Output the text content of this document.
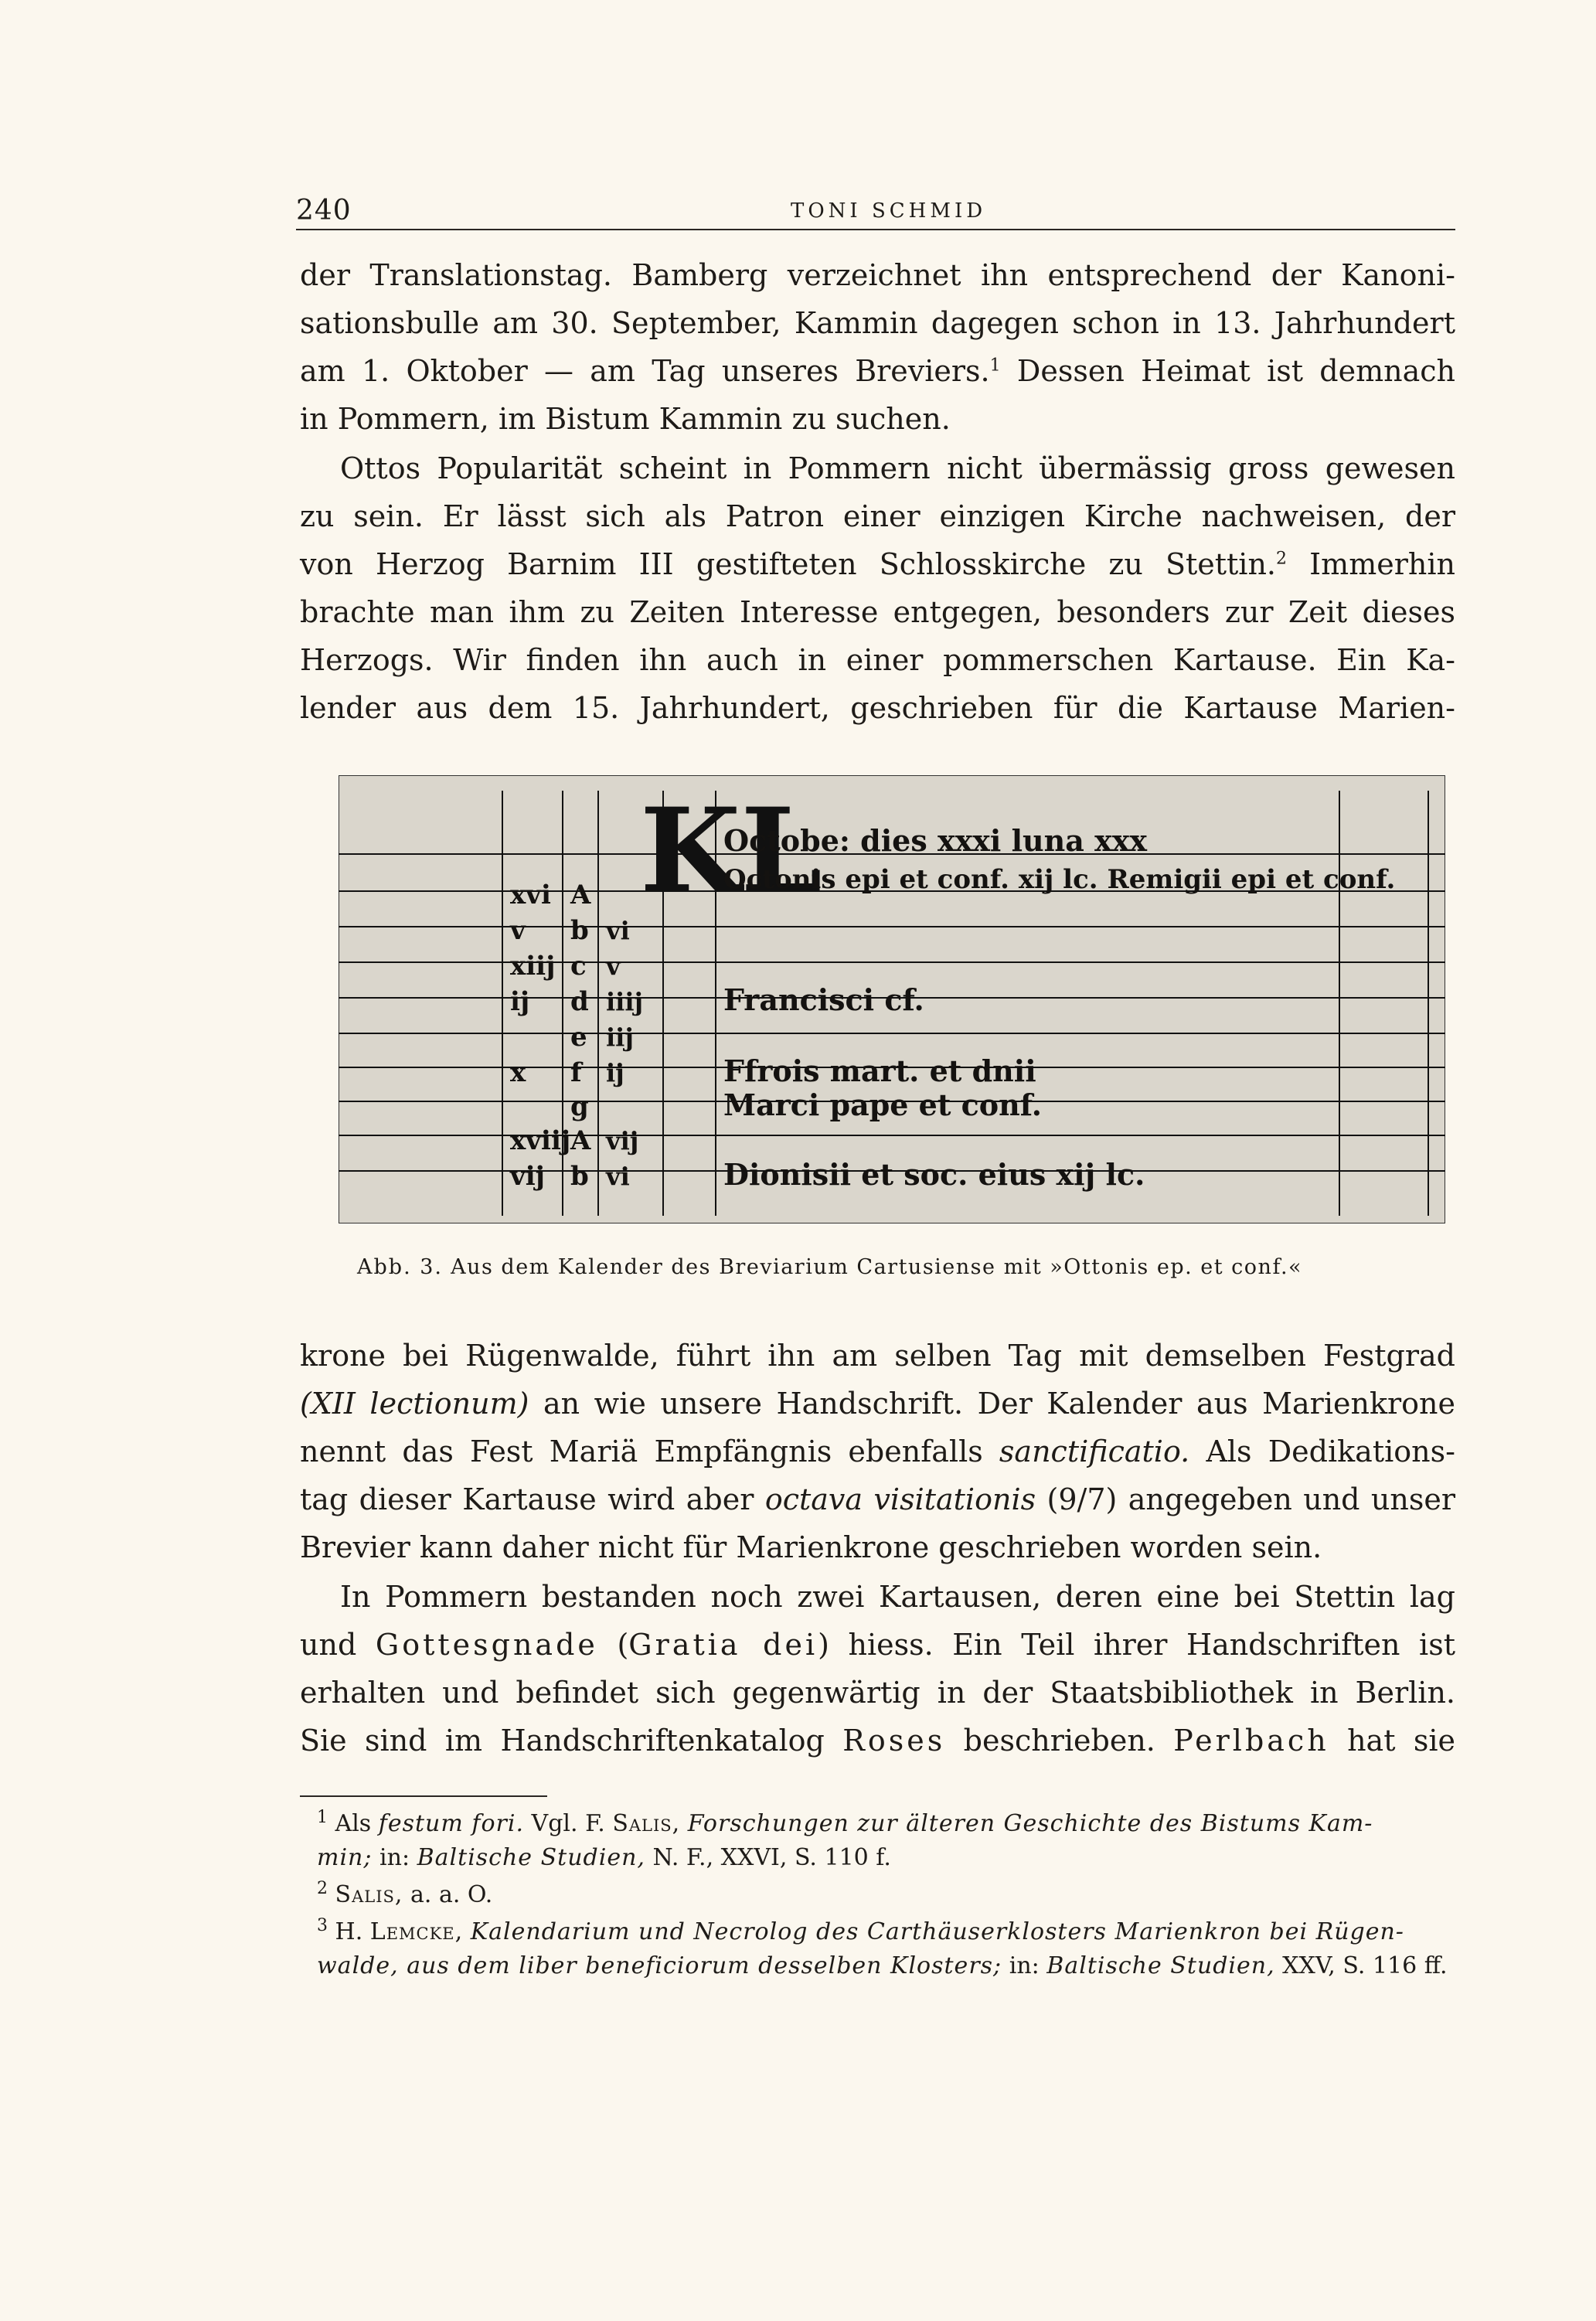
240	TONI SCHMID
der Translationstag. Bamberg verzeichnet ihn entsprechend der Kanoni-
sationsbulle am 30. September, Kammin dagegen schon in 13. Jahrhundert
am 1. Oktober — am Tag unseres Breviers.$^1$ Dessen Heimat ist demnach
in Pommern, im Bistum Kammin zu suchen.
Ottos Popularität scheint in Pommern nicht übermässig gross gewesen
zu sein. Er lässt sich als Patron einer einzigen Kirche nachweisen, der
von Herzog Barnim III gestifteten Schlosskirche zu Stettin.$^2$ Immerhin
brachte man ihm zu Zeiten Interesse entgegen, besonders zur Zeit dieses
Herzogs. Wir finden ihn auch in einer pommerschen Kartause. Ein Ka-
lender aus dem 15. Jahrhundert, geschrieben für die Kartause Marien-
KL
xvi
v
xiij
ij
x
xviij
vij
A
b
c
d
e
f
g
A
b
vi
v
iiij
iij
ij
vij
vi
Octobe: dies xxxi luna xxx
Octonis epi et conf. xij lc. Remigii epi et conf.
Francisci cf.
Ffrois mart. et dnii
Marci pape et conf.
Dionisii et soc. eius xij lc.
Abb. 3. Aus dem Kalender des Breviarium Cartusiense mit »Ottonis ep. et conf.«
krone bei Rügenwalde, führt ihn am selben Tag mit demselben Festgrad
(XII lectionum) an wie unsere Handschrift. Der Kalender aus Marienkrone
nennt das Fest Mariä Empfängnis ebenfalls sanctificatio. Als Dedikations-
tag dieser Kartause wird aber octava visitationis (9/7) angegeben und unser
Brevier kann daher nicht für Marienkrone geschrieben worden sein.
In Pommern bestanden noch zwei Kartausen, deren eine bei Stettin lag
und Gottesgnade (Gratia dei) hiess. Ein Teil ihrer Handschriften ist
erhalten und befindet sich gegenwärtig in der Staatsbibliothek in Berlin.
Sie sind im Handschriftenkatalog Roses beschrieben. Perlbach hat sie
$^1$ Als festum fori. Vgl. F. Salis, Forschungen zur älteren Geschichte des Bistums Kam-
min; in: Baltische Studien, N. F., XXVI, S. 110 f.
$^2$ Salis, a. a. O.
$^3$ H. Lemcke, Kalendarium und Necrolog des Carthäuserklosters Marienkron bei Rügen-
walde, aus dem liber beneficiorum desselben Klosters; in: Baltische Studien, XXV, S. 116 ff.
